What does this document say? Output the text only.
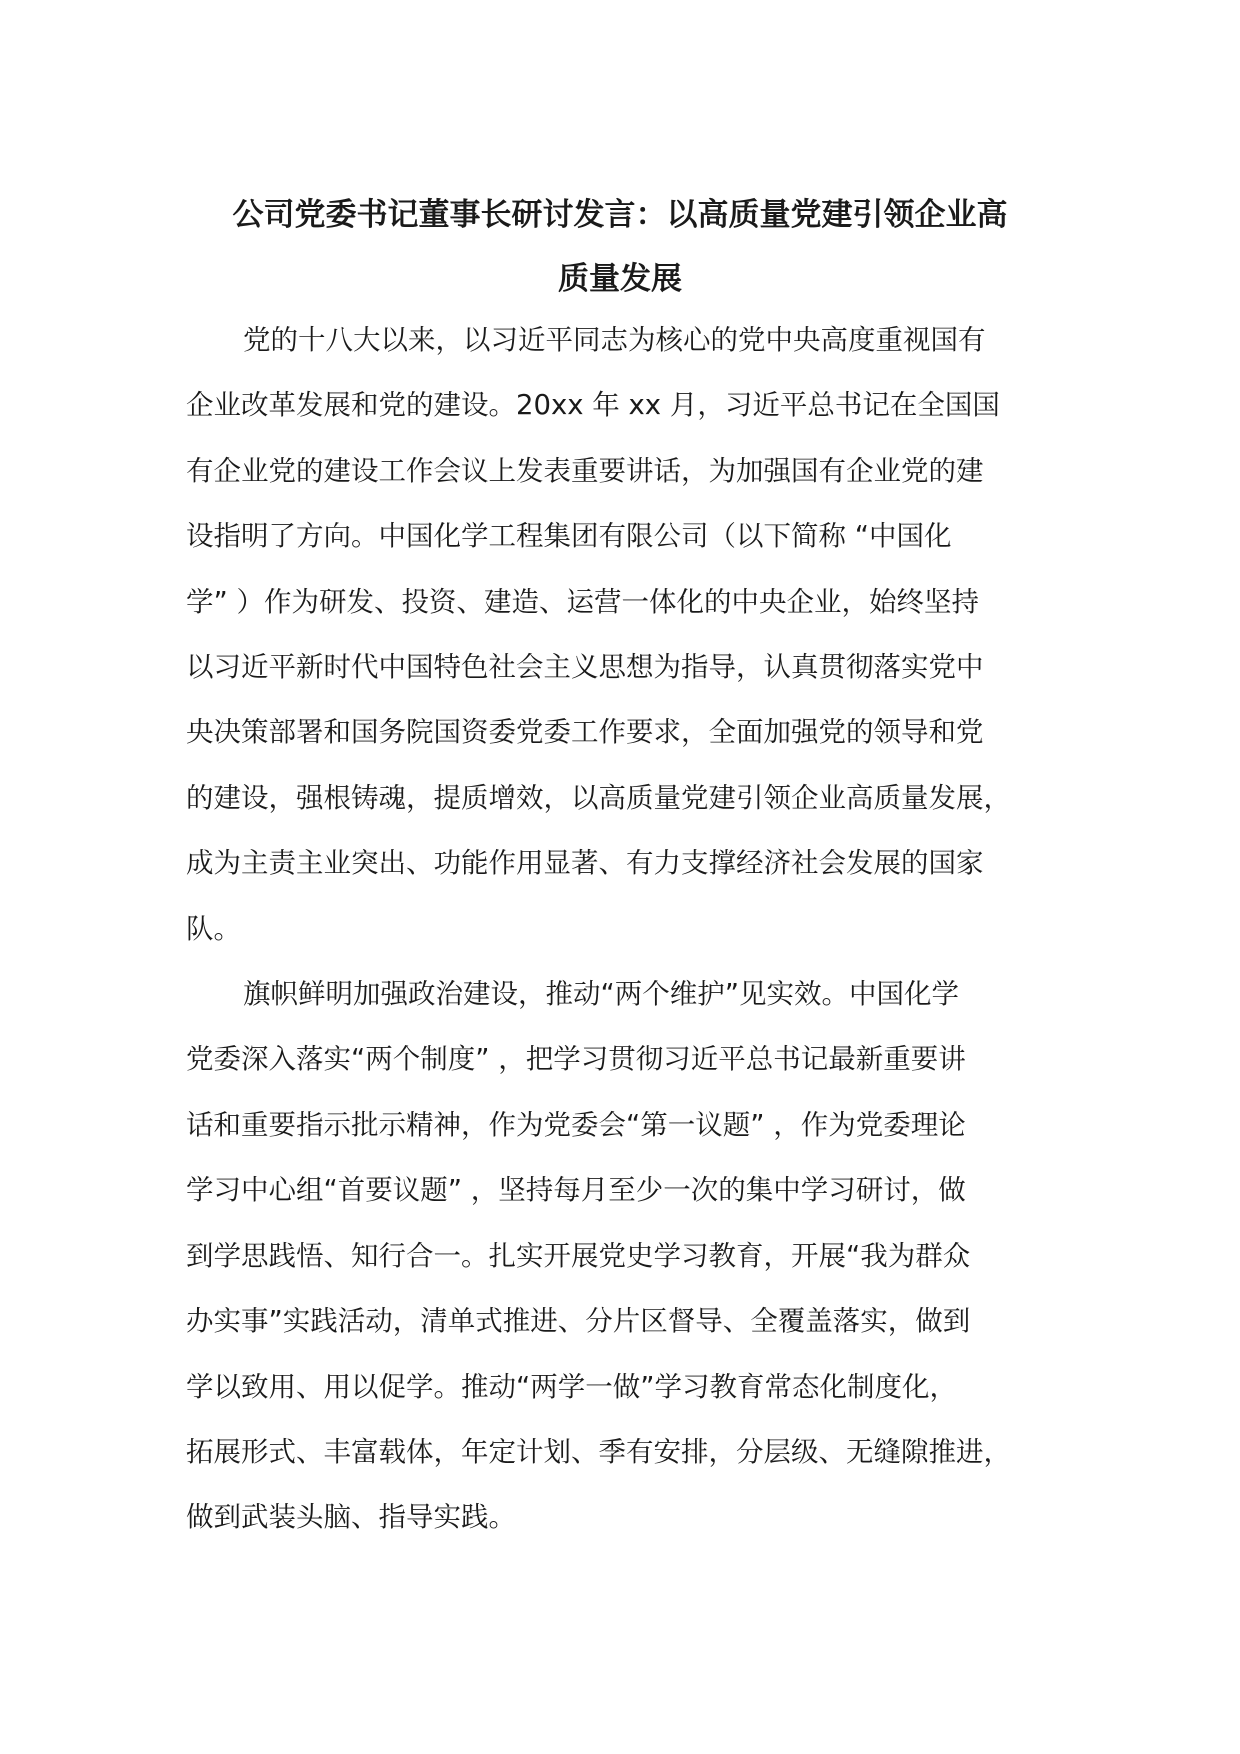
公司党委书记董事长研讨发言：以高质量党建引领企业高
质量发展

党的十八大以来，以习近平同志为核心的党中央高度重视国有
企业改革发展和党的建设。20xx 年 xx 月，习近平总书记在全国国
有企业党的建设工作会议上发表重要讲话，为加强国有企业党的建
设指明了方向。中国化学工程集团有限公司（以下简称 “中国化
学” ）作为研发、投资、建造、运营一体化的中央企业，始终坚持
以习近平新时代中国特色社会主义思想为指导，认真贯彻落实党中
央决策部署和国务院国资委党委工作要求，全面加强党的领导和党
的建设，强根铸魂，提质增效，以高质量党建引领企业高质量发展，
成为主责主业突出、功能作用显著、有力支撑经济社会发展的国家
队。

旗帜鲜明加强政治建设，推动“两个维护”见实效。中国化学
党委深入落实“两个制度” ，把学习贯彻习近平总书记最新重要讲
话和重要指示批示精神，作为党委会“第一议题” ，作为党委理论
学习中心组“首要议题” ，坚持每月至少一次的集中学习研讨，做
到学思践悟、知行合一。扎实开展党史学习教育，开展“我为群众
办实事”实践活动，清单式推进、分片区督导、全覆盖落实，做到
学以致用、用以促学。推动“两学一做”学习教育常态化制度化，
拓展形式、丰富载体，年定计划、季有安排，分层级、无缝隙推进，
做到武装头脑、指导实践。
